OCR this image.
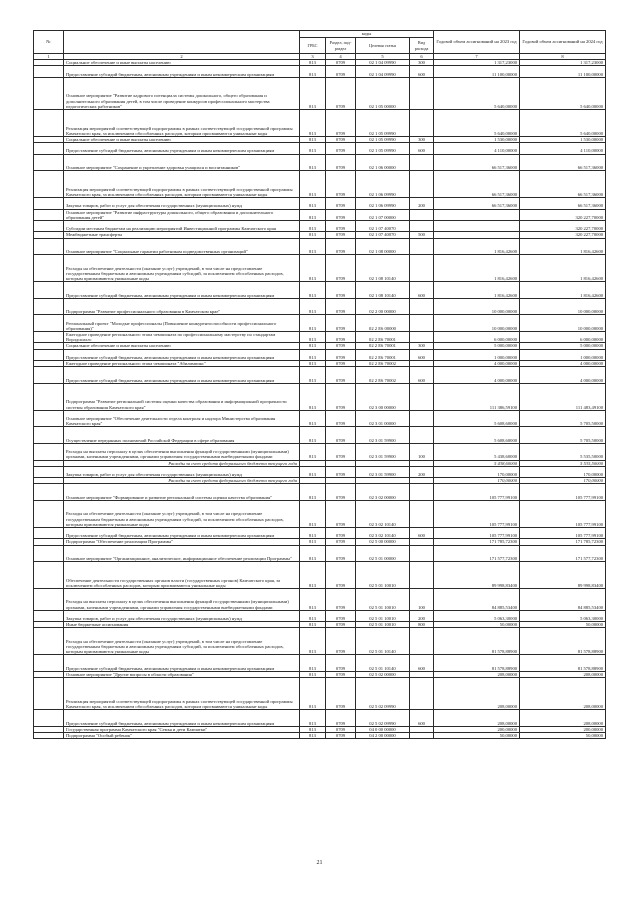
№		коды				Годовой объем ассигнований на 2023 год	Годовой объем ассигнований на 2024 год
		ГРБС	Раздел, под-раздел	Целевая статья	Вид расхода		
1	2	3	4	5	6	7	8
	Социальное обеспечение и иные выплаты населению	813	0709	02 1 04 09990	300	1 317,23000	1 317,23000
	Предоставление субсидий бюджетным, автономным учреждениям и иным некоммерческим организациям	813	0709	02 1 04 09990	600	11 100,00000	11 100,00000
	Основное мероприятие "Развитие кадрового потенциала системы дошкольного, общего образования и дополнительного образования детей, в том числе проведение конкурсов профессионального мастерства педагогических работников"	813	0709	02 1 05 00000		5 640,00000	5 640,00000
	Реализация мероприятий соответствующей подпрограммы в рамках соответствующей государственной программы Камчатского края, за исключением обособленных расходов, которым присваиваются уникальные коды	813	0709	02 1 05 09990		5 640,00000	5 640,00000
	Социальное обеспечение и иные выплаты населению	813	0709	02 1 05 09990	300	1 530,00000	1 530,00000
	Предоставление субсидий бюджетным, автономным учреждениям и иным некоммерческим организациям	813	0709	02 1 05 09990	600	4 110,00000	4 110,00000
	Основное мероприятие "Сохранение и укрепление здоровья учащихся и воспитанников"	813	0709	02 1 06 00000		66 517,36000	66 517,36000
	Реализация мероприятий соответствующей подпрограммы в рамках соответствующей государственной программы Камчатского края, за исключением обособленных расходов, которым присваиваются уникальные коды	813	0709	02 1 06 09990		66 517,36000	66 517,36000
	Закупка товаров, работ и услуг для обеспечения государственных (муниципальных) нужд	813	0709	02 1 06 09990	200	66 517,36000	66 517,36000
	Основное мероприятие "Развитие инфраструктуры дошкольного, общего образования и дополнительного образования детей"	813	0709	02 1 07 00000			320 227,70000
	Субсидии местным бюджетам на реализацию мероприятий Инвестиционной программы Камчатского края	813	0709	02 1 07 40070			320 227,70000
	Межбюджетные трансферты	813	0709	02 1 07 40070	500		320 227,70000
	Основное мероприятие "Социальные гарантии работникам подведомственных организаций"	813	0709	02 1 08 00000		1 816,42600	1 816,42600
	Расходы на обеспечение деятельности (оказание услуг) учреждений, в том числе на предоставление государственным бюджетным и автономным учреждениям субсидий, за исключением обособленных расходов, которым присваиваются уникальные коды	813	0709	02 1 08 10140		1 816,42600	1 816,42600
	Предоставление субсидий бюджетным, автономным учреждениям и иным некоммерческим организациям	813	0709	02 1 08 10140	600	1 816,42600	1 816,42600
	Подпрограмма "Развитие профессионального образования в Камчатском крае"	813	0709	02 2 00 00000		10 000,00000	10 000,00000
	Региональный проект "Молодые профессионалы (Повышение конкурентоспособности профессионального образования)"	813	0709	02 2 E6 00000		10 000,00000	10 000,00000
	Ежегодное проведение регионального этапа чемпионата по профессиональному мастерству по стандартам Ворлдскиллс	813	0709	02 2 E6 70001		6 000,00000	6 000,00000
	Социальное обеспечение и иные выплаты населению	813	0709	02 2 E6 70001	300	5 000,00000	5 000,00000
	Предоставление субсидий бюджетным, автономным учреждениям и иным некоммерческим организациям	813	0709	02 2 E6 70001	600	1 000,00000	1 000,00000
	Ежегодное проведение регионального этапа чемпионата "Абилимпикс"	813	0709	02 2 E6 70002		4 000,00000	4 000,00000
	Предоставление субсидий бюджетным, автономным учреждениям и иным некоммерческим организациям	813	0709	02 2 E6 70002	600	4 000,00000	4 000,00000
	Подпрограмма "Развитие региональной системы оценки качества образования и информационной прозрачности системы образования Камчатского края"	813	0709	02 3 00 00000		111 386,59100	111 483,49100
	Основное мероприятие "Обеспечение деятельности отдела контроля и надзора Министерства образования Камчатского края"	813	0709	02 3 01 00000		5 608,60000	5 705,50000
	Осуществление переданных полномочий Российской Федерации в сфере образования	813	0709	02 3 01 59900		5 608,60000	5 705,50000
	Расходы на выплаты персоналу в целях обеспечения выполнения функций государственными (муниципальными) органами, казенными учреждениями, органами управления государственными внебюджетными фондами	813	0709	02 3 01 59900	100	5 438,60000	5 535,50000
	Расходы за счет средств федерального бюджета текущего года					5 438,60000	5 535,50000
	Закупка товаров, работ и услуг для обеспечения государственных (муниципальных) нужд	813	0709	02 3 01 59900	200	170,00000	170,00000
	Расходы за счет средств федерального бюджета текущего года					170,00000	170,00000
	Основное мероприятие "Формирование и развитие региональной системы оценки качества образования"	813	0709	02 3 02 00000		105 777,99100	105 777,99100
	Расходы на обеспечение деятельности (оказание услуг) учреждений, в том числе на предоставление государственным бюджетным и автономным учреждениям субсидий, за исключением обособленных расходов, которым присваиваются уникальные коды	813	0709	02 3 02 10140		105 777,99100	105 777,99100
	Предоставление субсидий бюджетным, автономным учреждениям и иным некоммерческим организациям	813	0709	02 3 02 10140	600	105 777,99100	105 777,99100
	Подпрограмма "Обеспечение реализации Программы"	813	0709	02 5 00 00000		171 785,72300	171 785,72300
	Основное мероприятие "Организационное, аналитическое, информационное обеспечение реализации Программы"	813	0709	02 5 01 00000		171 577,72300	171 577,72300
	Обеспечение деятельности государственных органов власти (государственных органов) Камчатского края, за исключением обособленных расходов, которым присваиваются уникальные коды	813	0709	02 5 01 10010		89 998,83400	89 998,83400
	Расходы на выплаты персоналу в целях обеспечения выполнения функций государственными (муниципальными) органами, казенными учреждениями, органами управления государственными внебюджетными фондами	813	0709	02 5 01 10010	100	84 885,53400	84 885,53400
	Закупка товаров, работ и услуг для обеспечения государственных (муниципальных) нужд	813	0709	02 5 01 10010	200	5 063,30000	5 063,30000
	Иные бюджетные ассигнования	813	0709	02 5 01 10010	800	50,00000	50,00000
	Расходы на обеспечение деятельности (оказание услуг) учреждений, в том числе на предоставление государственным бюджетным и автономным учреждениям субсидий, за исключением обособленных расходов, которым присваиваются уникальные коды	813	0709	02 5 01 10140		81 578,88900	81 578,88900
	Предоставление субсидий бюджетным, автономным учреждениям и иным некоммерческим организациям	813	0709	02 5 01 10140	600	81 578,88900	81 578,88900
	Основное мероприятие "Другие вопросы в области образования"	813	0709	02 5 02 00000		208,00000	208,00000
	Реализация мероприятий соответствующей подпрограммы в рамках соответствующей государственной программы Камчатского края, за исключением обособленных расходов, которым присваиваются уникальные коды	813	0709	02 5 02 09990		208,00000	208,00000
	Предоставление субсидий бюджетным, автономным учреждениям и иным некоммерческим организациям	813	0709	02 5 02 09990	600	208,00000	208,00000
	Государственная программа Камчатского края "Семья и дети Камчатки"	813	0709	04 0 00 00000		200,00000	200,00000
	Подпрограмма "Особый ребенок"	813	0709	04 2 00 00000		50,00000	50,00000
21
